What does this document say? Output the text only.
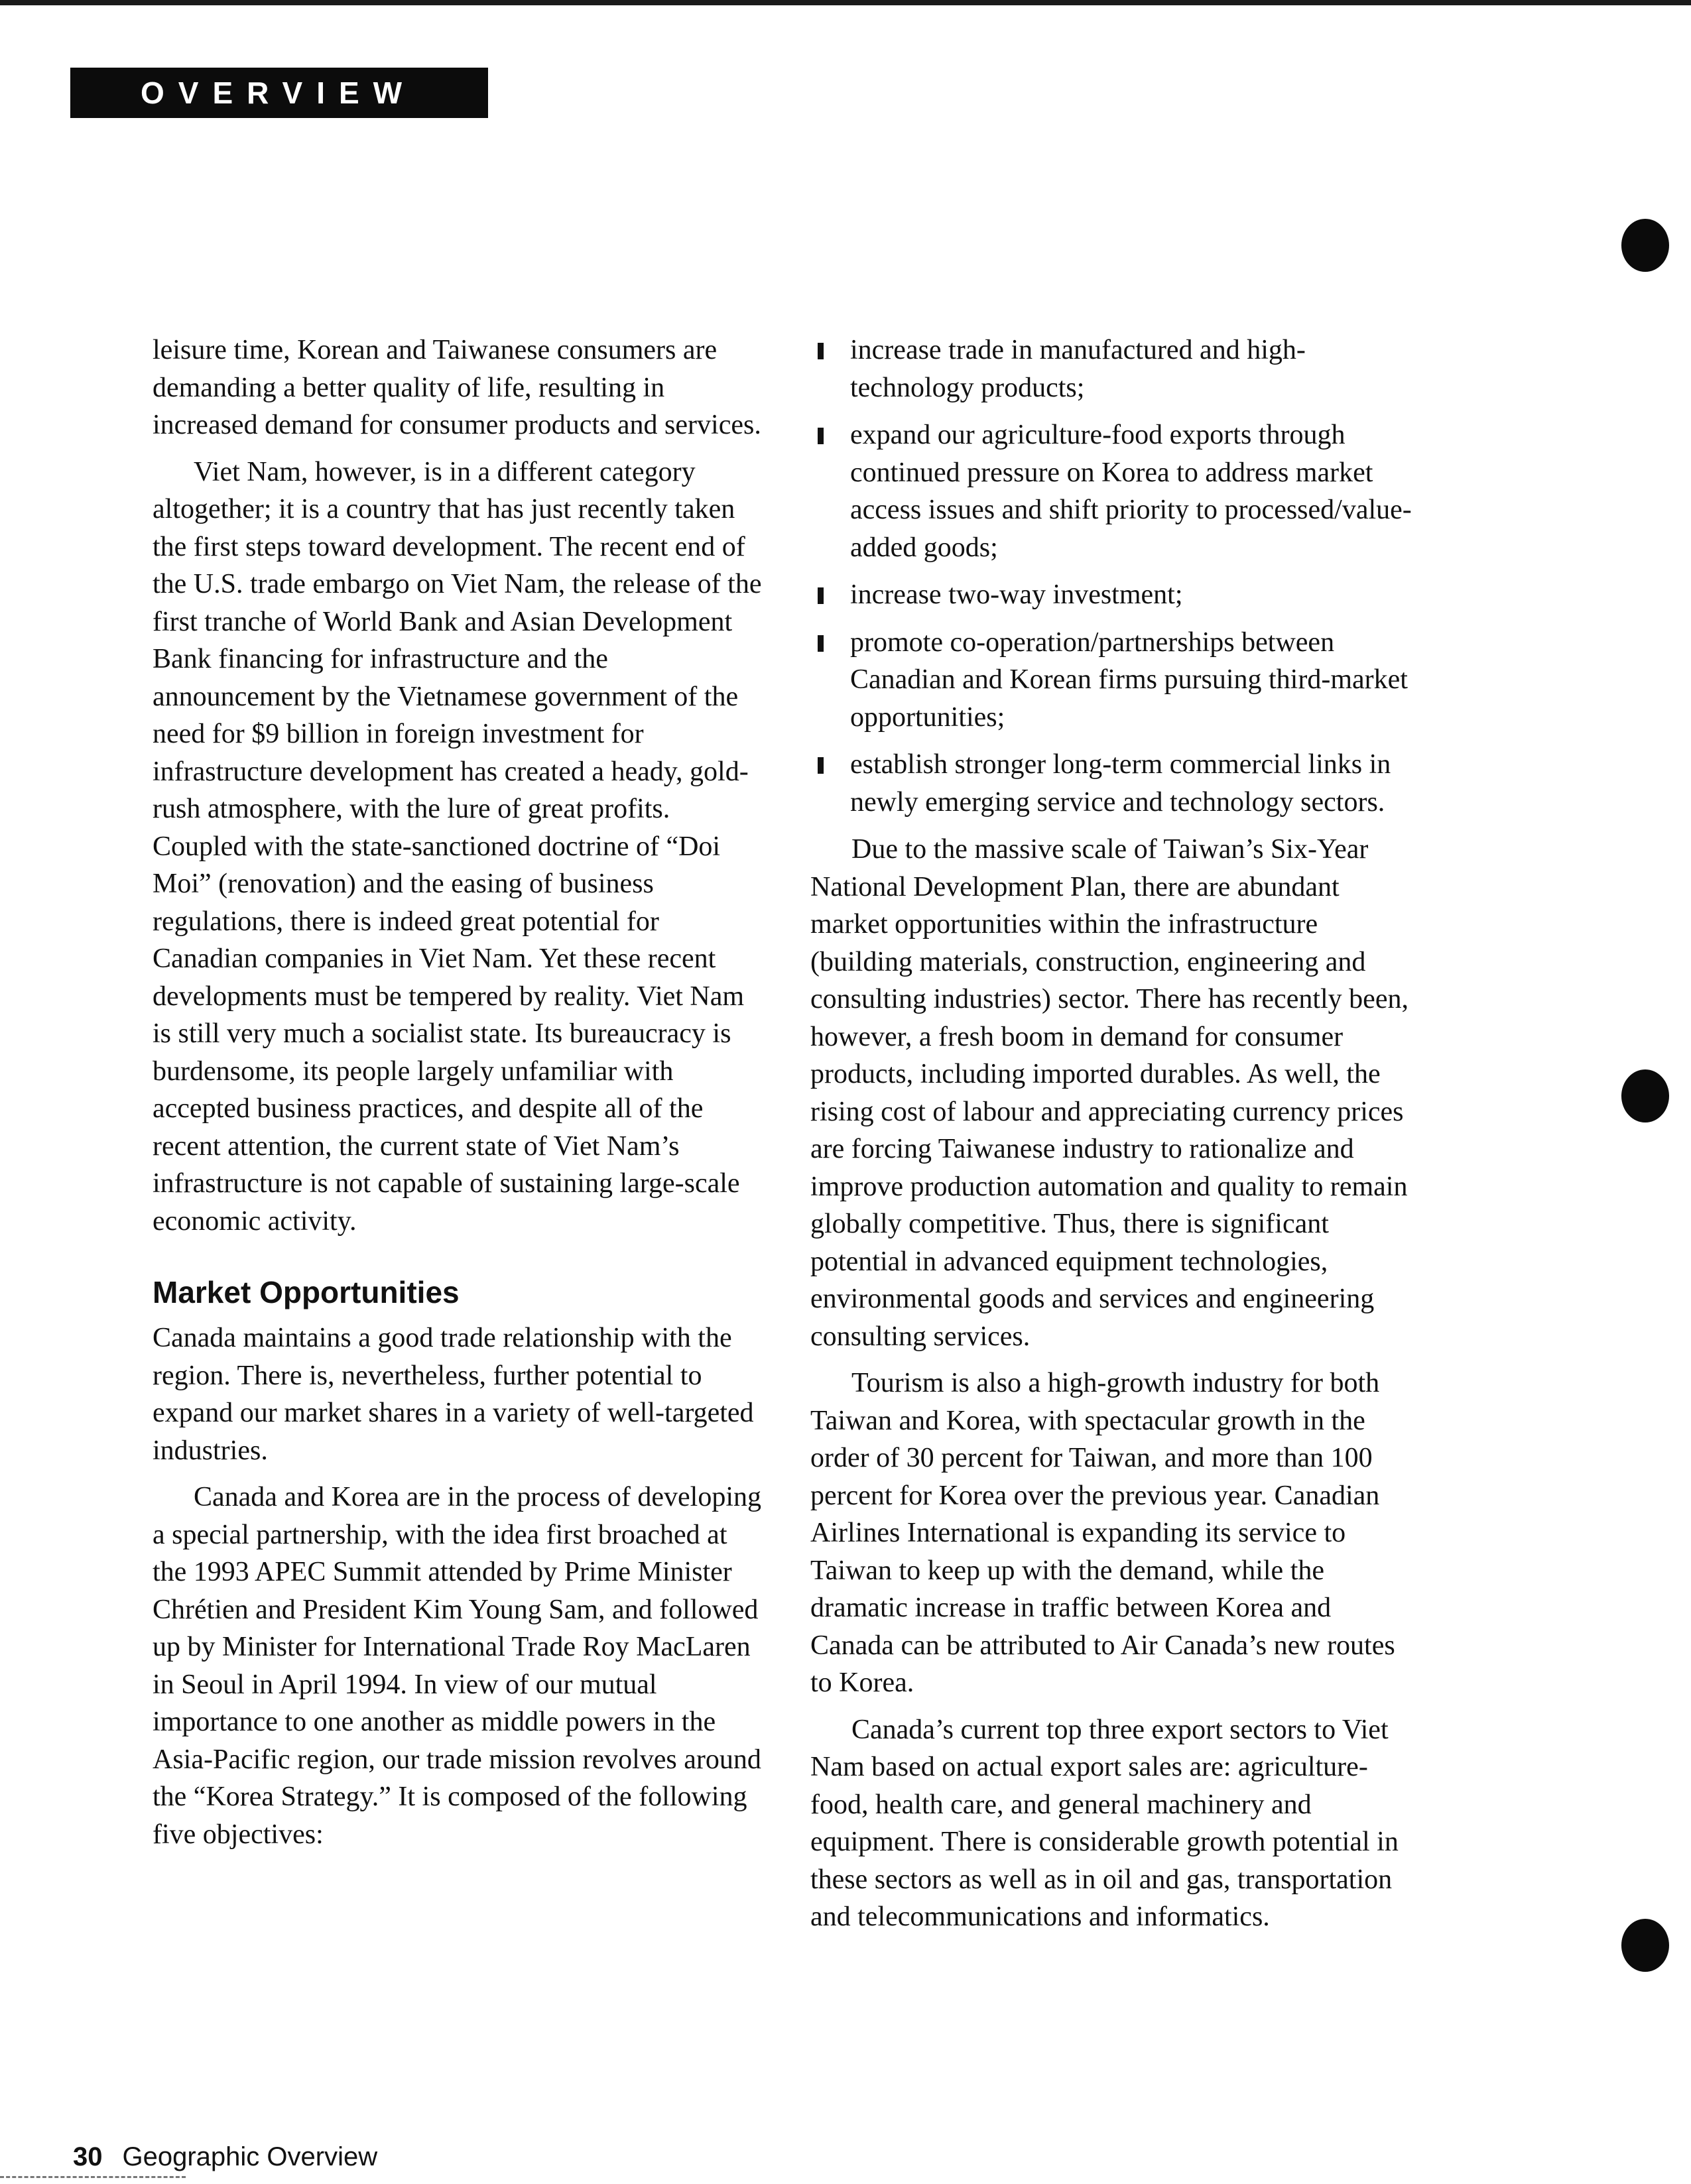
OVERVIEW

leisure time, Korean and Taiwanese consumers are demanding a better quality of life, resulting in increased demand for consumer products and services.

Viet Nam, however, is in a different category altogether; it is a country that has just recently taken the first steps toward development. The recent end of the U.S. trade embargo on Viet Nam, the release of the first tranche of World Bank and Asian Development Bank financing for infrastructure and the announcement by the Vietnamese government of the need for $9 billion in foreign investment for infrastructure development has created a heady, gold-rush atmosphere, with the lure of great profits. Coupled with the state-sanctioned doctrine of “Doi Moi” (renovation) and the easing of business regulations, there is indeed great potential for Canadian companies in Viet Nam. Yet these recent developments must be tempered by reality. Viet Nam is still very much a socialist state. Its bureaucracy is burdensome, its people largely unfamiliar with accepted business practices, and despite all of the recent attention, the current state of Viet Nam’s infrastructure is not capable of sustaining large-scale economic activity.

Market Opportunities

Canada maintains a good trade relationship with the region. There is, nevertheless, further potential to expand our market shares in a variety of well-targeted industries.

Canada and Korea are in the process of developing a special partnership, with the idea first broached at the 1993 APEC Summit attended by Prime Minister Chrétien and President Kim Young Sam, and followed up by Minister for International Trade Roy MacLaren in Seoul in April 1994. In view of our mutual importance to one another as middle powers in the Asia-Pacific region, our trade mission revolves around the “Korea Strategy.” It is composed of the following five objectives:

increase trade in manufactured and high-technology products;
expand our agriculture-food exports through continued pressure on Korea to address market access issues and shift priority to processed/value-added goods;
increase two-way investment;
promote co-operation/partnerships between Canadian and Korean firms pursuing third-market opportunities;
establish stronger long-term commercial links in newly emerging service and technology sectors.

Due to the massive scale of Taiwan’s Six-Year National Development Plan, there are abundant market opportunities within the infrastructure (building materials, construction, engineering and consulting industries) sector. There has recently been, however, a fresh boom in demand for consumer products, including imported durables. As well, the rising cost of labour and appreciating currency prices are forcing Taiwanese industry to rationalize and improve production automation and quality to remain globally competitive. Thus, there is significant potential in advanced equipment technologies, environmental goods and services and engineering consulting services.

Tourism is also a high-growth industry for both Taiwan and Korea, with spectacular growth in the order of 30 percent for Taiwan, and more than 100 percent for Korea over the previous year. Canadian Airlines International is expanding its service to Taiwan to keep up with the demand, while the dramatic increase in traffic between Korea and Canada can be attributed to Air Canada’s new routes to Korea.

Canada’s current top three export sectors to Viet Nam based on actual export sales are: agriculture-food, health care, and general machinery and equipment. There is considerable growth potential in these sectors as well as in oil and gas, transportation and telecommunications and informatics.

30 Geographic Overview
